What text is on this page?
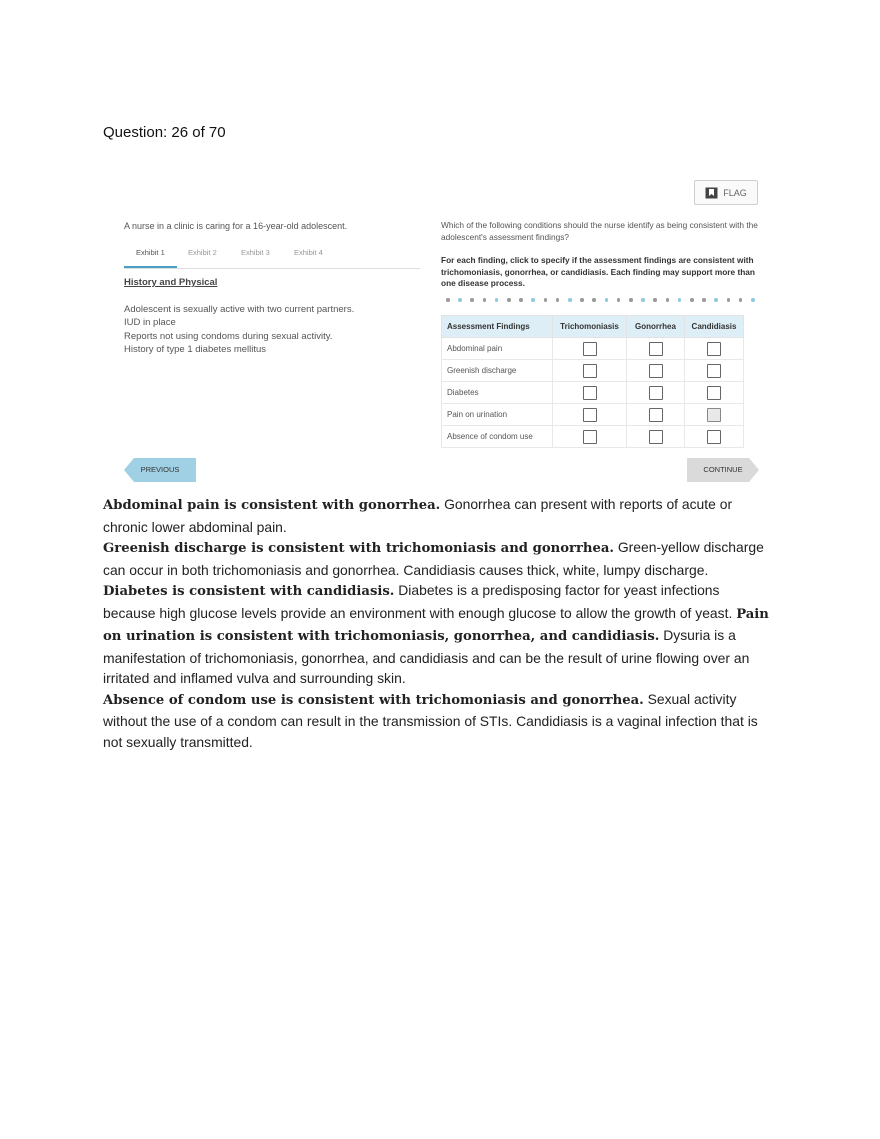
Question: 26 of 70
FLAG
A nurse in a clinic is caring for a 16-year-old adolescent.
Exhibit 1	Exhibit 2	Exhibit 3	Exhibit 4
History and Physical
Adolescent is sexually active with two current partners.
IUD in place
Reports not using condoms during sexual activity.
History of type 1 diabetes mellitus
Which of the following conditions should the nurse identify as being consistent with the adolescent's assessment findings?
For each finding, click to specify if the assessment findings are consistent with trichomoniasis, gonorrhea, or candidiasis. Each finding may support more than one disease process.
Assessment Findings	Trichomoniasis	Gonorrhea	Candidiasis
Abdominal pain			
Greenish discharge			
Diabetes			
Pain on urination			
Absence of condom use			
PREVIOUS	CONTINUE
Abdominal pain is consistent with gonorrhea. Gonorrhea can present with reports of acute or chronic lower abdominal pain.
Greenish discharge is consistent with trichomoniasis and gonorrhea. Green-yellow discharge can occur in both trichomoniasis and gonorrhea. Candidiasis causes thick, white, lumpy discharge. Diabetes is consistent with candidiasis. Diabetes is a predisposing factor for yeast infections because high glucose levels provide an environment with enough glucose to allow the growth of yeast. Pain on urination is consistent with trichomoniasis, gonorrhea, and candidiasis. Dysuria is a manifestation of trichomoniasis, gonorrhea, and candidiasis and can be the result of urine flowing over an irritated and inflamed vulva and surrounding skin.
Absence of condom use is consistent with trichomoniasis and gonorrhea. Sexual activity without the use of a condom can result in the transmission of STIs. Candidiasis is a vaginal infection that is not sexually transmitted.
